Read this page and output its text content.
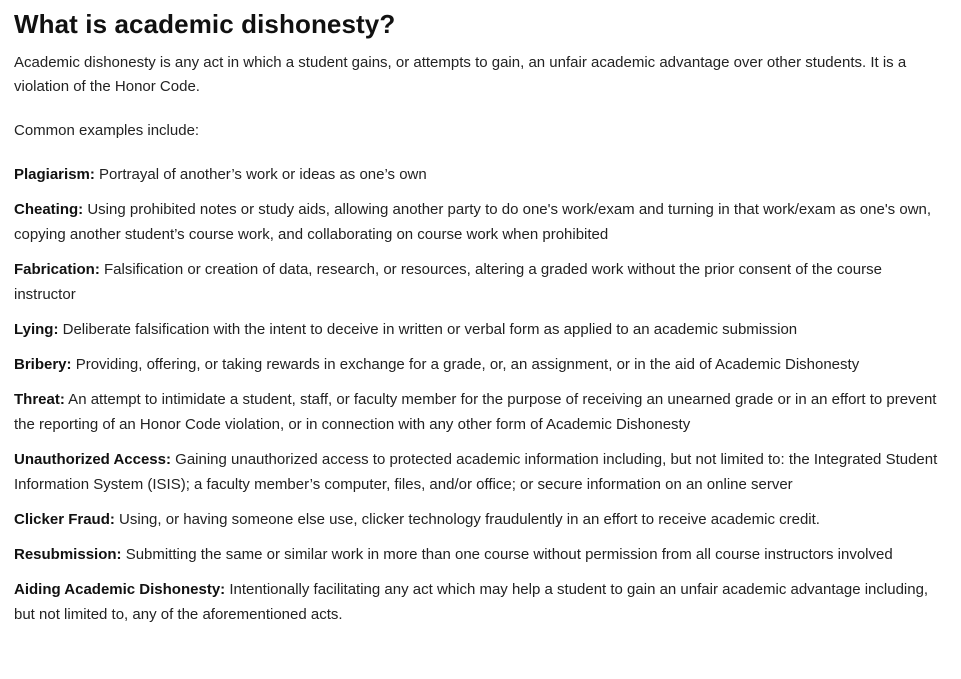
What is academic dishonesty?

Academic dishonesty is any act in which a student gains, or attempts to gain, an unfair academic advantage over other students. It is a violation of the Honor Code.

Common examples include:

Plagiarism: Portrayal of another’s work or ideas as one’s own
Cheating: Using prohibited notes or study aids, allowing another party to do one's work/exam and turning in that work/exam as one's own, copying another student’s course work, and collaborating on course work when prohibited
Fabrication: Falsification or creation of data, research, or resources, altering a graded work without the prior consent of the course instructor
Lying: Deliberate falsification with the intent to deceive in written or verbal form as applied to an academic submission
Bribery: Providing, offering, or taking rewards in exchange for a grade, or, an assignment, or in the aid of Academic Dishonesty
Threat: An attempt to intimidate a student, staff, or faculty member for the purpose of receiving an unearned grade or in an effort to prevent the reporting of an Honor Code violation, or in connection with any other form of Academic Dishonesty
Unauthorized Access: Gaining unauthorized access to protected academic information including, but not limited to: the Integrated Student Information System (ISIS); a faculty member’s computer, files, and/or office; or secure information on an online server
Clicker Fraud: Using, or having someone else use, clicker technology fraudulently in an effort to receive academic credit.
Resubmission: Submitting the same or similar work in more than one course without permission from all course instructors involved
Aiding Academic Dishonesty: Intentionally facilitating any act which may help a student to gain an unfair academic advantage including, but not limited to, any of the aforementioned acts.
